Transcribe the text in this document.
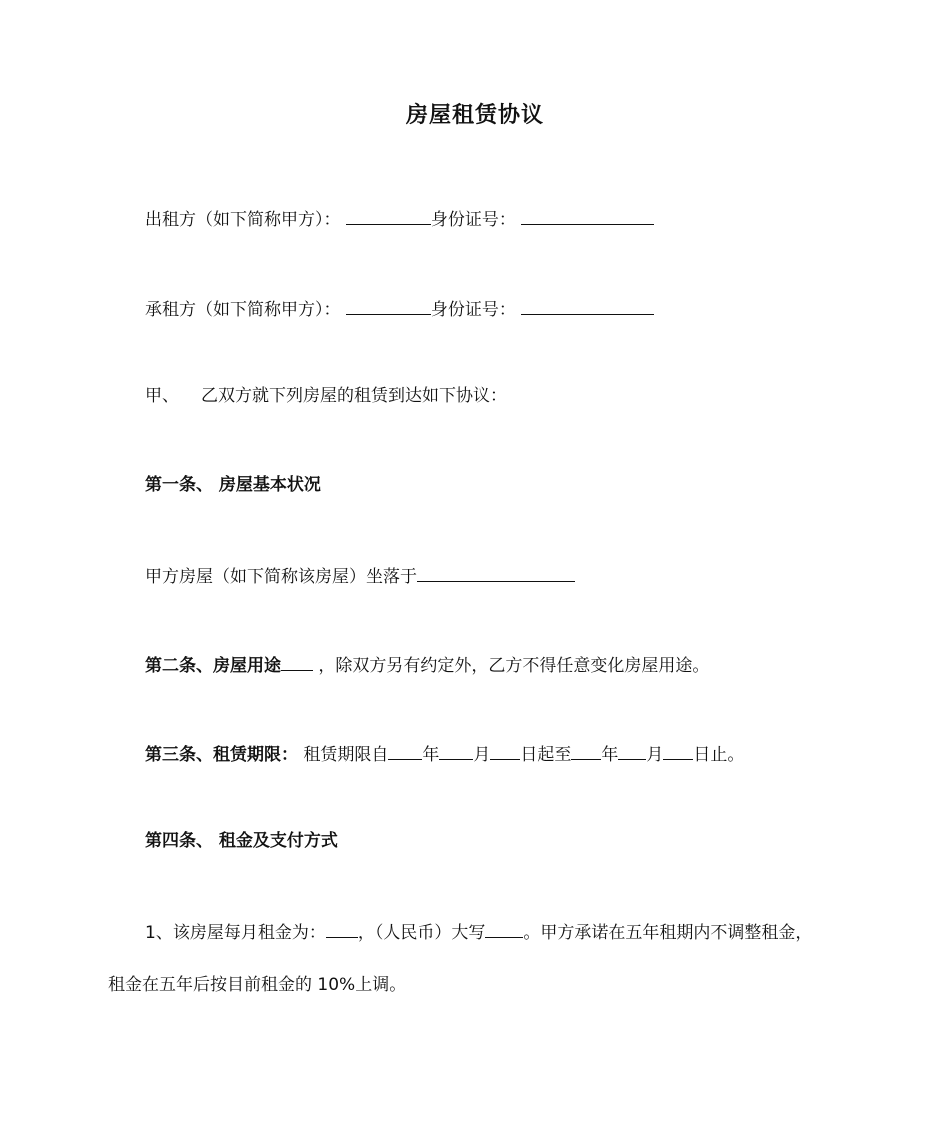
房屋租赁协议
出租方（如下简称甲方）：	身份证号：
承租方（如下简称甲方）：	身份证号：
甲、 乙双方就下列房屋的租赁到达如下协议：
第一条、 房屋基本状况
甲方房屋（如下简称该房屋）坐落于
第二条、房屋用途 ，除双方另有约定外，乙方不得任意变化房屋用途。
第三条、租赁期限： 租赁期限自 年 月 日起至 年 月 日止。
第四条、 租金及支付方式
1、该房屋每月租金为： ，（人民币）大写 。甲方承诺在五年租期内不调整租金，
租金在五年后按目前租金的 10%上调。
